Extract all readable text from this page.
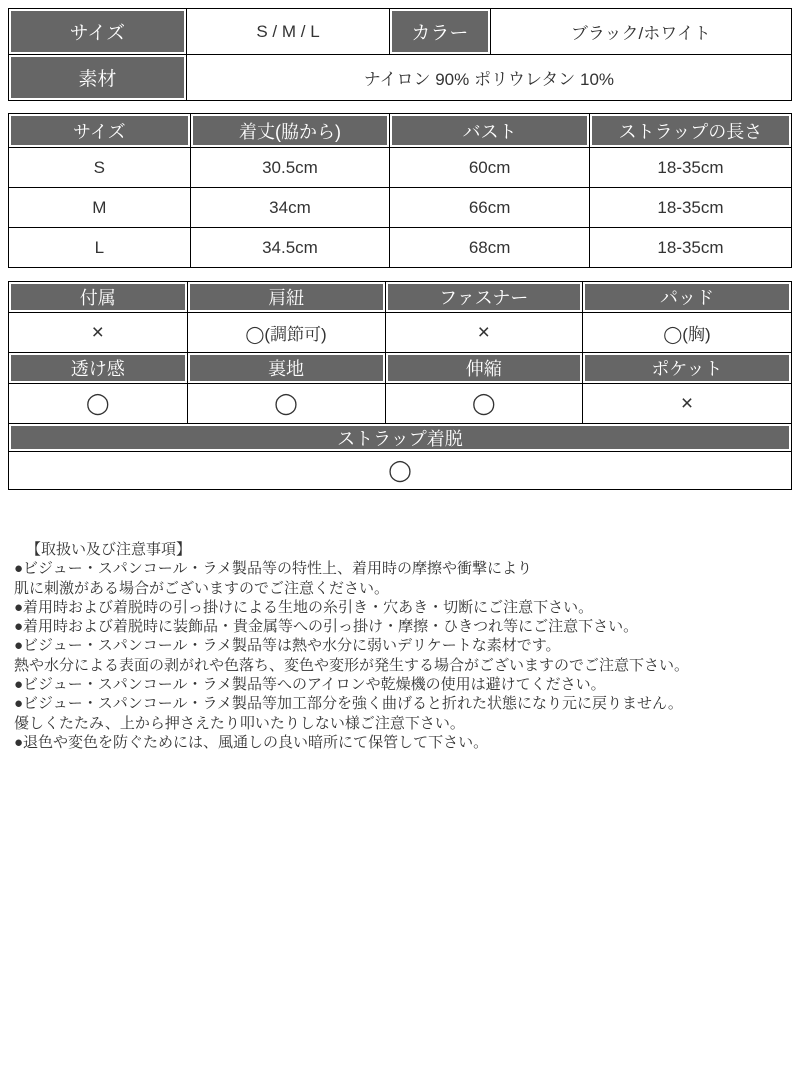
サイズ	S / M / L	カラー	ブラック/ホワイト
素材	ナイロン 90% ポリウレタン 10%		
サイズ	着丈(脇から)	バスト	ストラップの長さ
S	30.5cm	60cm	18-35cm
M	34cm	66cm	18-35cm
L	34.5cm	68cm	18-35cm
付属	肩紐	ファスナー	パッド
×	◯(調節可)	×	◯(胸)
透け感	裏地	伸縮	ポケット
◯	◯	◯	×
ストラップ着脱			
◯			
【取扱い及び注意事項】
●ビジュー・スパンコール・ラメ製品等の特性上、着用時の摩擦や衝撃により
肌に刺激がある場合がございますのでご注意ください。
●着用時および着脱時の引っ掛けによる生地の糸引き・穴あき・切断にご注意下さい。
●着用時および着脱時に装飾品・貴金属等への引っ掛け・摩擦・ひきつれ等にご注意下さい。
●ビジュー・スパンコール・ラメ製品等は熱や水分に弱いデリケートな素材です。
熱や水分による表面の剥がれや色落ち、変色や変形が発生する場合がございますのでご注意下さい。
●ビジュー・スパンコール・ラメ製品等へのアイロンや乾燥機の使用は避けてください。
●ビジュー・スパンコール・ラメ製品等加工部分を強く曲げると折れた状態になり元に戻りません。
優しくたたみ、上から押さえたり叩いたりしない様ご注意下さい。
●退色や変色を防ぐためには、風通しの良い暗所にて保管して下さい。
